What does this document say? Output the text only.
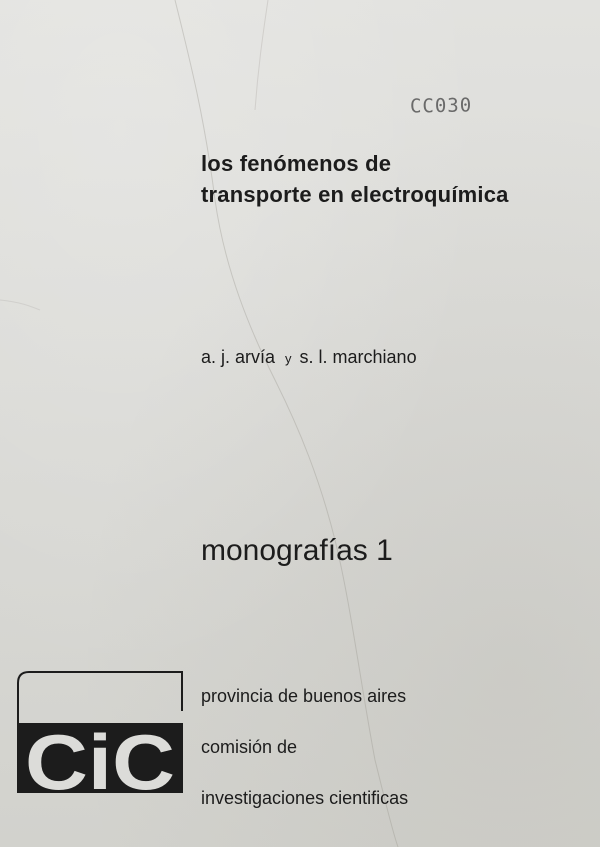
CC030
los fenómenos de
transporte en electroquímica
a. j. arvía y s. l. marchiano
monografías 1
CiC
provincia de buenos aires
comisión de
investigaciones cientificas
